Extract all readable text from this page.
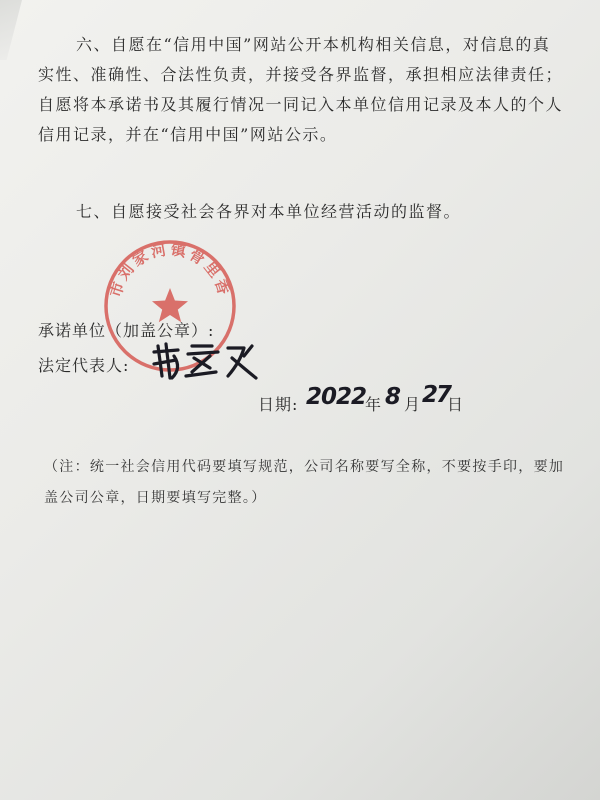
六、自愿在“信用中国”网站公开本机构相关信息，对信息的真实性、准确性、合法性负责，并接受各界监督，承担相应法律责任；自愿将本承诺书及其履行情况一同记入本单位信用记录及本人的个人信用记录，并在“信用中国”网站公示。

七、自愿接受社会各界对本单位经营活动的监督。

市刘家河镇骨里香
承诺单位（加盖公章）:
法定代表人:
日期: 2022
年 8 月 27
日

（注：统一社会信用代码要填写规范，公司名称要写全称，不要按手印，要加盖公司公章，日期要填写完整。）
